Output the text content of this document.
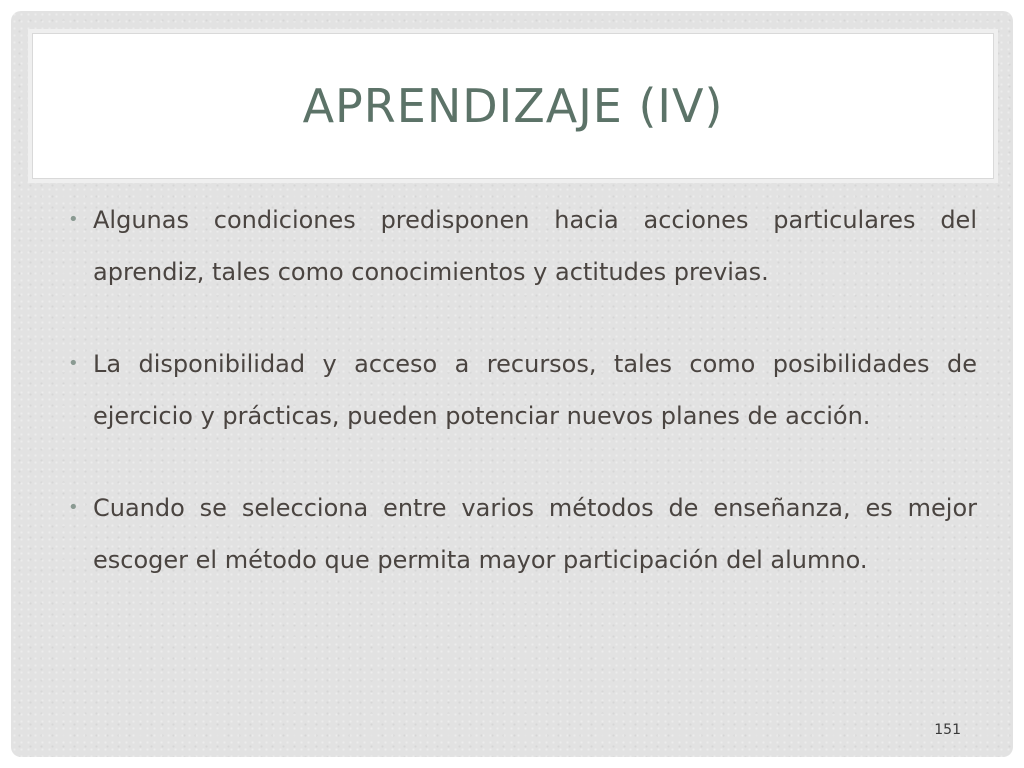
APRENDIZAJE (IV)
• Algunas condiciones predisponen hacia acciones particulares del aprendiz, tales como conocimientos y actitudes previas.
• La disponibilidad y acceso a recursos, tales como posibilidades de ejercicio y prácticas, pueden potenciar nuevos planes de acción.
• Cuando se selecciona entre varios métodos de enseñanza, es mejor escoger el método que permita mayor participación del alumno.
151
